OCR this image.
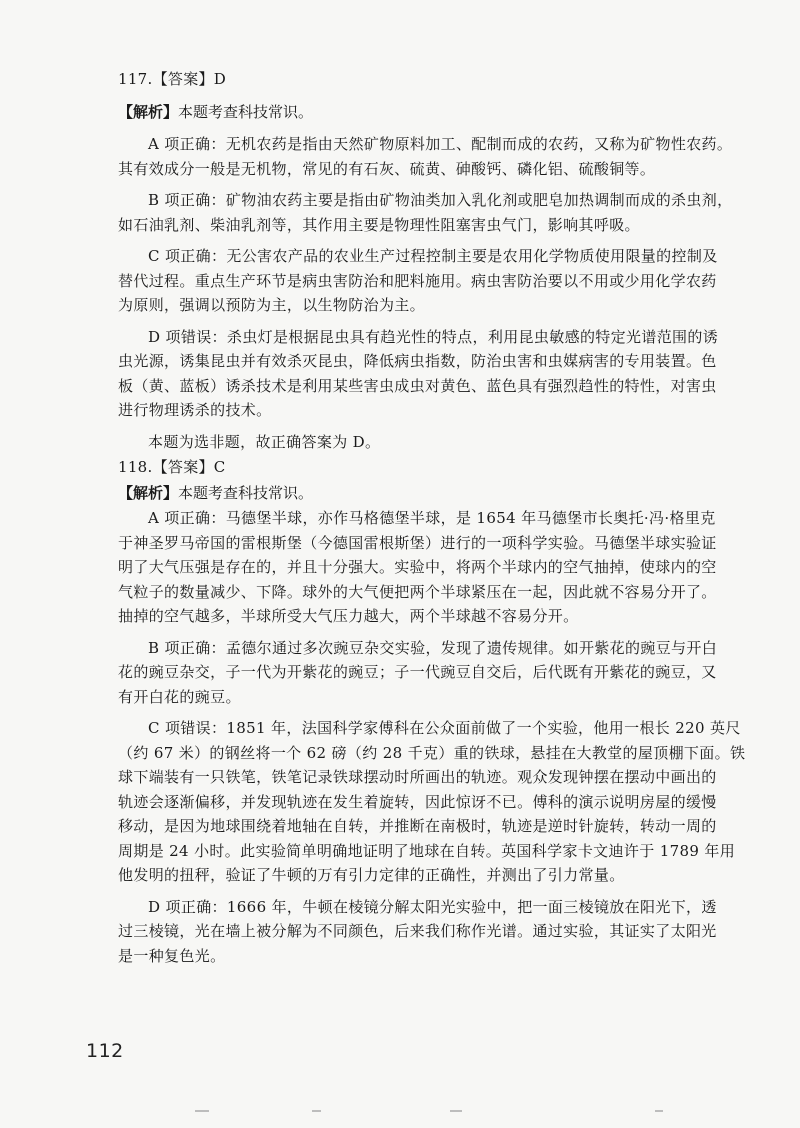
117.【答案】D
【解析】本题考查科技常识。
A 项正确：无机农药是指由天然矿物原料加工、配制而成的农药，又称为矿物性农药。
其有效成分一般是无机物，常见的有石灰、硫黄、砷酸钙、磷化铝、硫酸铜等。
B 项正确：矿物油农药主要是指由矿物油类加入乳化剂或肥皂加热调制而成的杀虫剂，
如石油乳剂、柴油乳剂等，其作用主要是物理性阻塞害虫气门，影响其呼吸。
C 项正确：无公害农产品的农业生产过程控制主要是农用化学物质使用限量的控制及
替代过程。重点生产环节是病虫害防治和肥料施用。病虫害防治要以不用或少用化学农药
为原则，强调以预防为主，以生物防治为主。
D 项错误：杀虫灯是根据昆虫具有趋光性的特点，利用昆虫敏感的特定光谱范围的诱
虫光源，诱集昆虫并有效杀灭昆虫，降低病虫指数，防治虫害和虫媒病害的专用装置。色
板（黄、蓝板）诱杀技术是利用某些害虫成虫对黄色、蓝色具有强烈趋性的特性，对害虫
进行物理诱杀的技术。
本题为选非题，故正确答案为 D。
118.【答案】C
【解析】本题考查科技常识。
A 项正确：马德堡半球，亦作马格德堡半球，是 1654 年马德堡市长奥托·冯·格里克
于神圣罗马帝国的雷根斯堡（今德国雷根斯堡）进行的一项科学实验。马德堡半球实验证
明了大气压强是存在的，并且十分强大。实验中，将两个半球内的空气抽掉，使球内的空
气粒子的数量减少、下降。球外的大气便把两个半球紧压在一起，因此就不容易分开了。
抽掉的空气越多，半球所受大气压力越大，两个半球越不容易分开。
B 项正确：孟德尔通过多次豌豆杂交实验，发现了遗传规律。如开紫花的豌豆与开白
花的豌豆杂交，子一代为开紫花的豌豆；子一代豌豆自交后，后代既有开紫花的豌豆，又
有开白花的豌豆。
C 项错误：1851 年，法国科学家傅科在公众面前做了一个实验，他用一根长 220 英尺
（约 67 米）的钢丝将一个 62 磅（约 28 千克）重的铁球，悬挂在大教堂的屋顶棚下面。铁
球下端装有一只铁笔，铁笔记录铁球摆动时所画出的轨迹。观众发现钟摆在摆动中画出的
轨迹会逐渐偏移，并发现轨迹在发生着旋转，因此惊讶不已。傅科的演示说明房屋的缓慢
移动，是因为地球围绕着地轴在自转，并推断在南极时，轨迹是逆时针旋转，转动一周的
周期是 24 小时。此实验简单明确地证明了地球在自转。英国科学家卡文迪许于 1789 年用
他发明的扭秤，验证了牛顿的万有引力定律的正确性，并测出了引力常量。
D 项正确：1666 年，牛顿在棱镜分解太阳光实验中，把一面三棱镜放在阳光下，透
过三棱镜，光在墙上被分解为不同颜色，后来我们称作光谱。通过实验，其证实了太阳光
是一种复色光。
112
